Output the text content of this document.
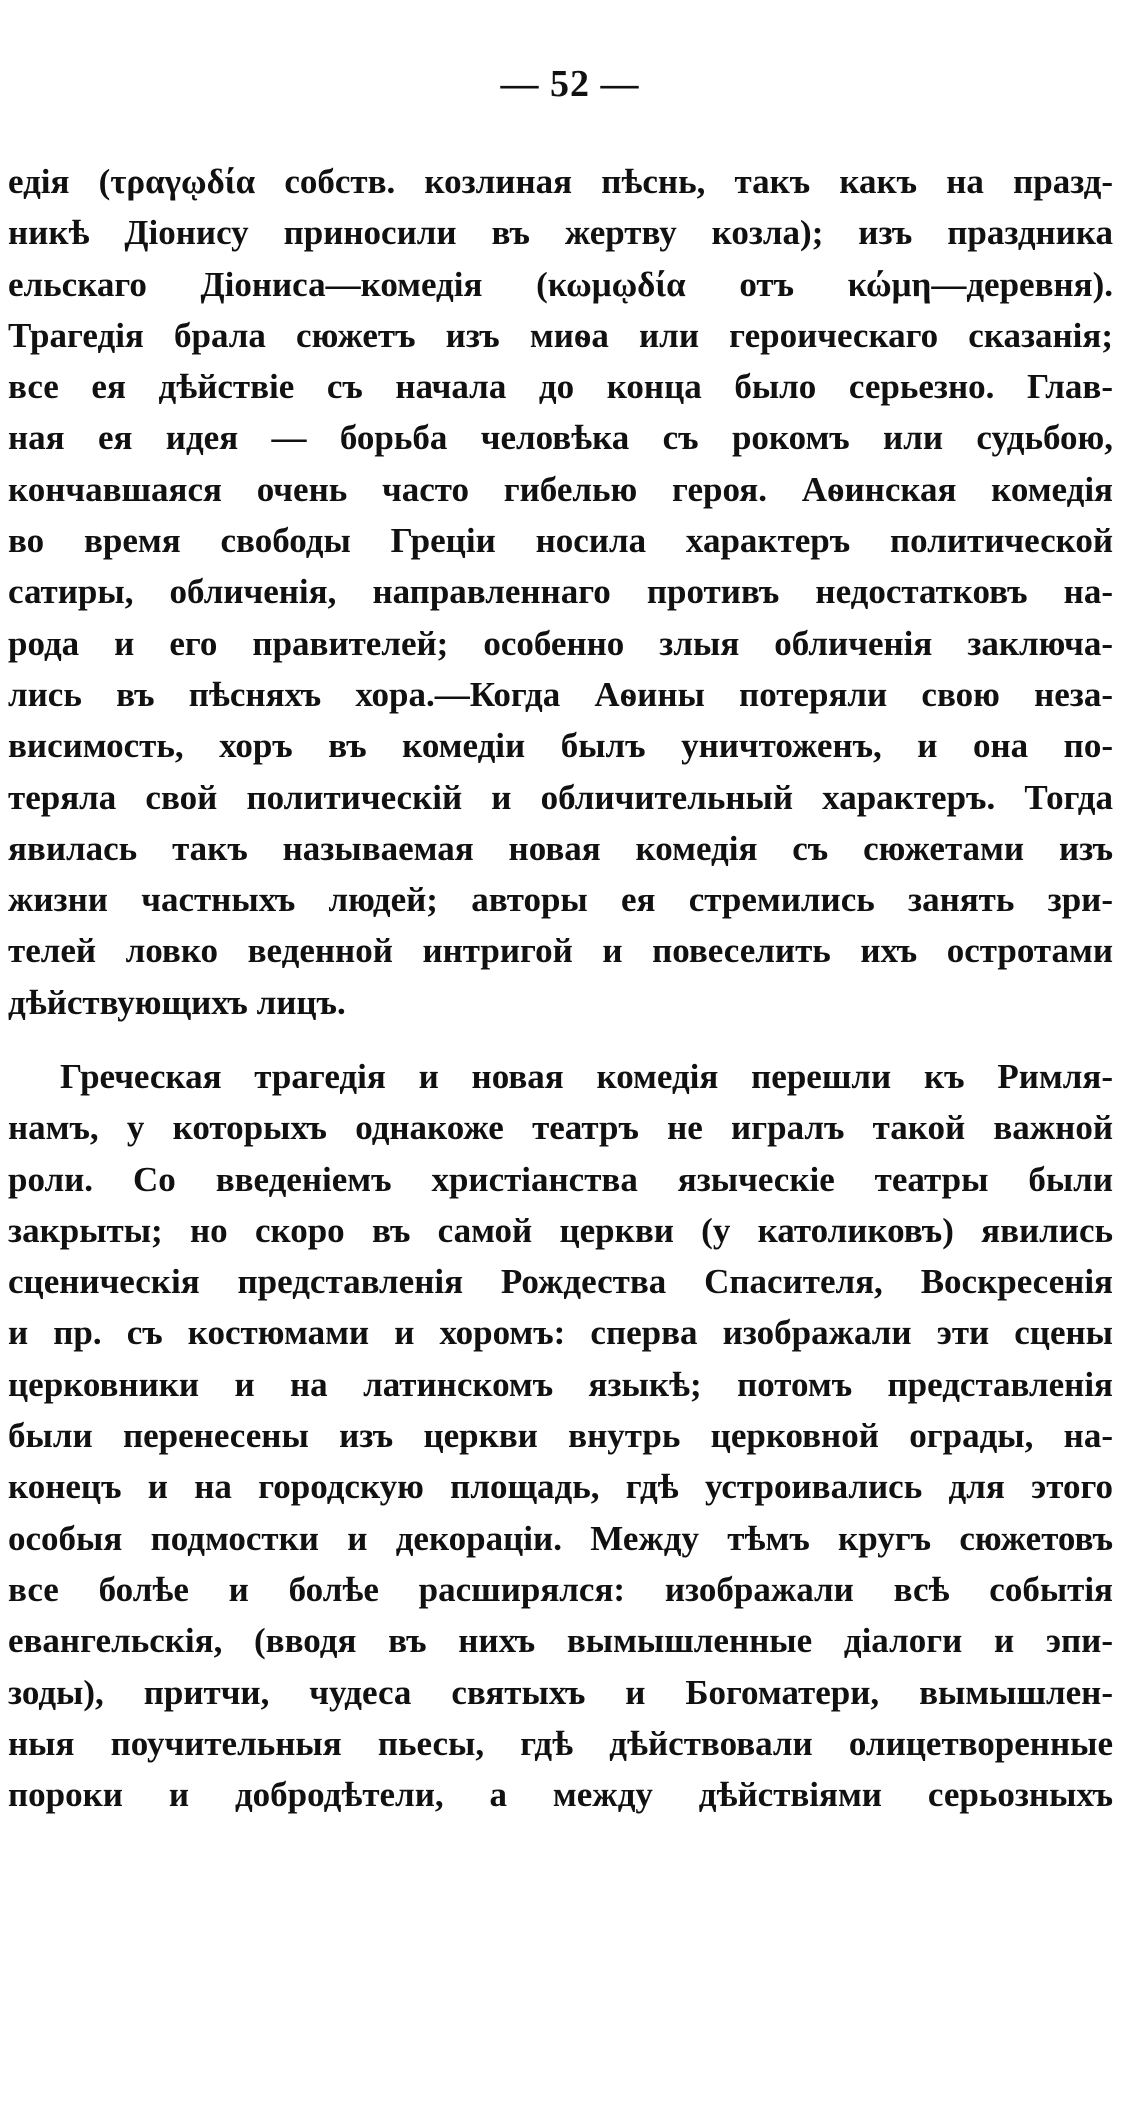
— 52 —
едія (τραγῳδία собств. козлиная пѣснь, такъ какъ на празд-
никѣ Діонису приносили въ жертву козла); изъ праздника
ельскаго Діониса—комедія (κωμῳδία отъ κώμη—деревня).
Трагедія брала сюжетъ изъ миѳа или героическаго сказанія;
все ея дѣйствіе съ начала до конца было серьезно. Глав-
ная ея идея — борьба человѣка съ рокомъ или судьбою,
кончавшаяся очень часто гибелью героя. Аѳинская комедія
во время свободы Греціи носила характеръ политической
сатиры, обличенія, направленнаго противъ недостатковъ на-
рода и его правителей; особенно злыя обличенія заключа-
лись въ пѣсняхъ хора.—Когда Аѳины потеряли свою неза-
висимость, хоръ въ комедіи былъ уничтоженъ, и она по-
теряла свой политическій и обличительный характеръ. Тогда
явилась такъ называемая новая комедія съ сюжетами изъ
жизни частныхъ людей; авторы ея стремились занять зри-
телей ловко веденной интригой и повеселить ихъ остротами
дѣйствующихъ лицъ.
Греческая трагедія и новая комедія перешли къ Римля-
намъ, у которыхъ однакоже театръ не игралъ такой важной
роли. Со введеніемъ христіанства языческіе театры были
закрыты; но скоро въ самой церкви (у католиковъ) явились
сценическія представленія Рождества Спасителя, Воскресенія
и пр. съ костюмами и хоромъ: сперва изображали эти сцены
церковники и на латинскомъ языкѣ; потомъ представленія
были перенесены изъ церкви внутрь церковной ограды, на-
конецъ и на городскую площадь, гдѣ устроивались для этого
особыя подмостки и декораціи. Между тѣмъ кругъ сюжетовъ
все болѣе и болѣе расширялся: изображали всѣ событія
евангельскія, (вводя въ нихъ вымышленные діалоги и эпи-
зоды), притчи, чудеса святыхъ и Богоматери, вымышлен-
ныя поучительныя пьесы, гдѣ дѣйствовали олицетворенные
пороки и добродѣтели, а между дѣйствіями серьозныхъ
